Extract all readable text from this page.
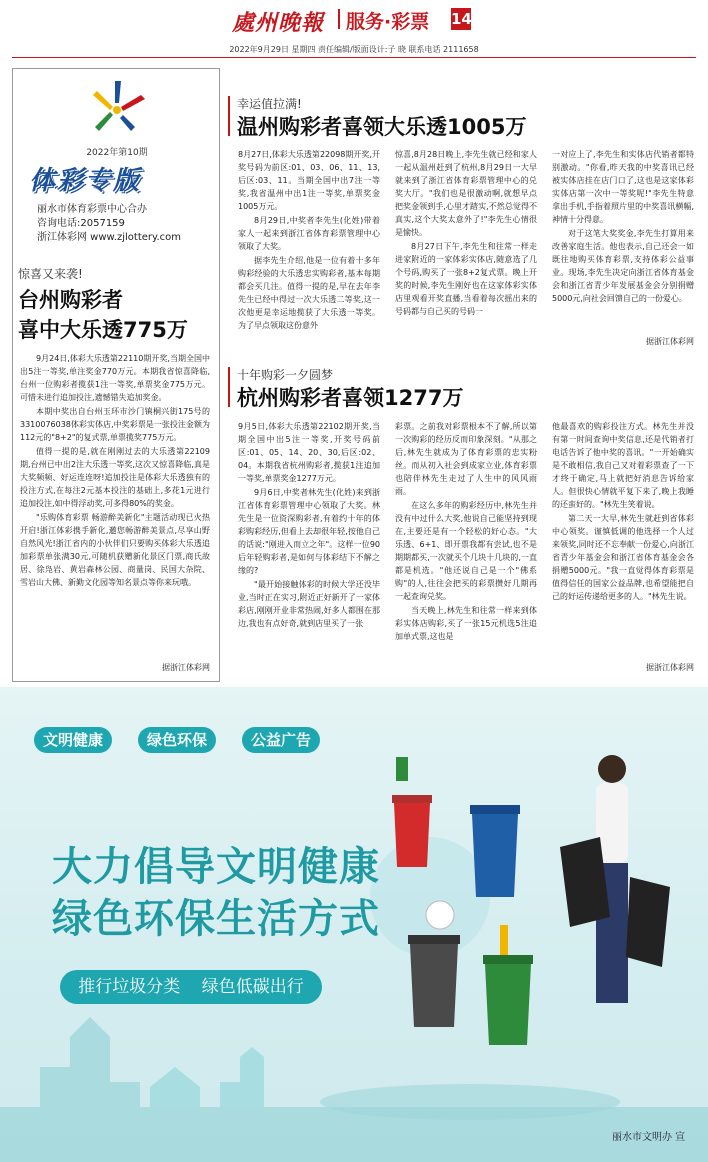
處州晚報 服务·彩票 14
2022年9月29日 星期四 责任编辑/版面设计:子 晓 联系电话 2111658
2022年第10期
体彩专版
丽水市体育彩票中心合办
咨询电话:2057159
浙江体彩网 www.zjlottery.com
惊喜又来袭!
台州购彩者
喜中大乐透775万

9月24日,体彩大乐透第22110期开奖,当期全国中出5注一等奖,单注奖金770万元。本期我省惊喜降临,台州一位购彩者揽获1注一等奖,单票奖金775万元。可惜未进行追加投注,遗憾错失追加奖金。

本期中奖出自台州玉环市沙门镇桐兴街175号的33100760​38体彩实体店,中奖彩票是一张投注金额为112元的"8+2"的复式票,单票揽奖775万元。

值得一提的是,就在刚刚过去的大乐透第22109期,台州已中出2注大乐透一等奖,这次又惊喜降临,真是大奖频频、好运连连呀!追加投注是体彩大乐透独有的投注方式,在每注2元基本投注的基础上,多花1元进行追加投注,如中得浮动奖,可多得80%的奖金。

"乐购体育彩票 畅游醉美新化"主题活动现已火热开启!浙江体彩携手新化,邀您畅游醉美景点,尽享山野自然风光!浙江省内的小伙伴们只要购买体彩大乐透追加彩票单张满30元,可随机获赠新化景区门票,商氏故居、徐凫岩、黄岩森林公园、商量岗、民国大杂院、雪岩山大佛、新勤文化园等知名景点等你来玩哦。

据浙江体彩网
幸运值拉满!
温州购彩者喜领大乐透1005万

8月27日,体彩大乐透第22098期开奖,开奖号码为前区:01、03、06、11、13,后区:03、11。当期全国中出7注一等奖,我省温州中出1注一等奖,单票奖金1005万元。

8月29日,中奖者李先生(化姓)带着家人一起来到浙江省体育彩票管理中心领取了大奖。

据李先生介绍,他是一位有着十多年购彩经验的大乐透忠实购彩者,基本每期都会买几注。值得一提的是,早在去年李先生已经中得过一次大乐透二等奖,这一次他更是幸运地揽获了大乐透一等奖。为了早点领取这份意外

惊喜,8月28日晚上,李先生就已经和家人一起从温州赶到了杭州,8月29日一大早就来到了浙江省体育彩票管理中心的兑奖大厅。"我们也是很激动啊,就想早点把奖金领到手,心里才踏实,不然总觉得不真实,这个大奖太意外了!"李先生心情很是愉快。

8月27日下午,李先生和往常一样走进家附近的一家体彩实体店,随意选了几个号码,购买了一张8+2复式票。晚上开奖的时候,李先生刚好也在这家体彩实体店里观看开奖直播,当看着每次摇出来的号码都与自己买的号码一

一对应上了,李先生和实体店代销者都特别激动。"你看,昨天我的中奖喜讯已经被实体店挂在店门口了,这也是这家体彩实体店第一次中一等奖呢!"李先生特意拿出手机,手指着照片里的中奖喜讯横幅,神情十分得意。

对于这笔大奖奖金,李先生打算用来改善家庭生活。他也表示,自己还会一如既往地购买体育彩票,支持体彩公益事业。现场,李先生决定向浙江省体育基金会和浙江省青少年发展基金会分别捐赠5000元,向社会回馈自己的一份爱心。

据浙江体彩网
十年购彩一夕圆梦
杭州购彩者喜领1277万

9月5日,体彩大乐透第22102期开奖,当期全国中出5注一等奖,开奖号码前区:01、05、14、20、30,后区:02、04。本期我省杭州购彩者,揽获1注追加一等奖,单票奖金1277万元。

9月6日,中奖者林先生(化姓)来到浙江省体育彩票管理中心领取了大奖。林先生是一位资深购彩者,有着约十年的体彩购彩经历,但看上去却很年轻,按他自己的话说:"刚进入而立之年"。这样一位90后年轻购彩者,是如何与体彩结下不解之缘的?

"最开始接触体彩的时候大学还没毕业,当时正在实习,附近正好新开了一家体彩店,刚刚开业非常热闹,好多人都围在那边,我也有点好奇,就到店里买了一张

彩票。之前我对彩票根本不了解,所以第一次购彩的经历反而印象深刻。"从那之后,林先生就成为了体育彩票的忠实粉丝。而从初入社会到成家立业,体育彩票也陪伴林先生走过了人生中的风风雨雨。

在这么多年的购彩经历中,林先生并没有中过什么大奖,他说自己能坚持到现在,主要还是有一个轻松的好心态。"大乐透、6+1、即开票我都有尝试,也不是期期都买,一次就买个几块十几块的,一直都是机选。"他还说自己是一个"佛系购"的人,往往会把买的彩票攒好几期再一起查询兑奖。

当天晚上,林先生和往常一样来到体彩实体店购彩,买了一张15元机选5注追加单式票,这也是

他最喜欢的购彩投注方式。林先生并没有第一时间查询中奖信息,还是代销者打电话告诉了他中奖的喜讯。"一开始确实是不敢相信,我自己又对着彩票查了一下才终于确定,马上就把好消息告诉给家人。但很快心情就平复下来了,晚上我睡的还蛮好的。"林先生笑着说。

第二天一大早,林先生就赶到省体彩中心领奖。谨慎低调的他选择一个人过来领奖,同时还不忘奉献一份爱心,向浙江省青少年基金会和浙江省体育基金会各捐赠5000元。"我一直觉得体育彩票是值得信任的国家公益品牌,也希望能把自己的好运传递给更多的人。"林先生说。

据浙江体彩网
文明健康	绿色环保	公益广告
大力倡导文明健康
绿色环保生活方式
推行垃圾分类 绿色低碳出行
丽水市文明办 宣
